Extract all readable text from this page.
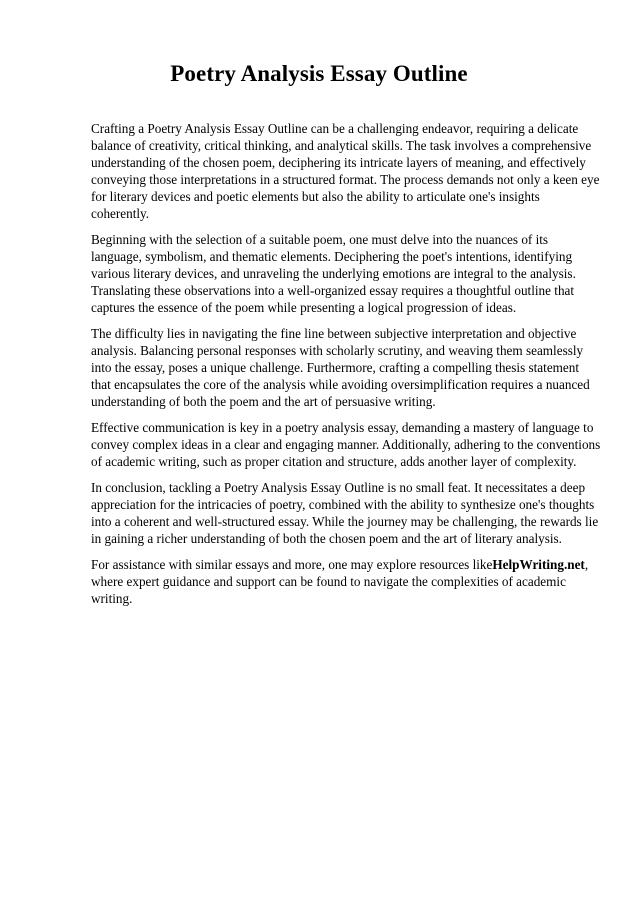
Poetry Analysis Essay Outline

Crafting a Poetry Analysis Essay Outline can be a challenging endeavor, requiring a delicate balance of creativity, critical thinking, and analytical skills. The task involves a comprehensive understanding of the chosen poem, deciphering its intricate layers of meaning, and effectively conveying those interpretations in a structured format. The process demands not only a keen eye for literary devices and poetic elements but also the ability to articulate one's insights coherently.

Beginning with the selection of a suitable poem, one must delve into the nuances of its language, symbolism, and thematic elements. Deciphering the poet's intentions, identifying various literary devices, and unraveling the underlying emotions are integral to the analysis. Translating these observations into a well-organized essay requires a thoughtful outline that captures the essence of the poem while presenting a logical progression of ideas.

The difficulty lies in navigating the fine line between subjective interpretation and objective analysis. Balancing personal responses with scholarly scrutiny, and weaving them seamlessly into the essay, poses a unique challenge. Furthermore, crafting a compelling thesis statement that encapsulates the core of the analysis while avoiding oversimplification requires a nuanced understanding of both the poem and the art of persuasive writing.

Effective communication is key in a poetry analysis essay, demanding a mastery of language to convey complex ideas in a clear and engaging manner. Additionally, adhering to the conventions of academic writing, such as proper citation and structure, adds another layer of complexity.

In conclusion, tackling a Poetry Analysis Essay Outline is no small feat. It necessitates a deep appreciation for the intricacies of poetry, combined with the ability to synthesize one's thoughts into a coherent and well-structured essay. While the journey may be challenging, the rewards lie in gaining a richer understanding of both the chosen poem and the art of literary analysis.

For assistance with similar essays and more, one may explore resources likeHelpWriting.net, where expert guidance and support can be found to navigate the complexities of academic writing.
